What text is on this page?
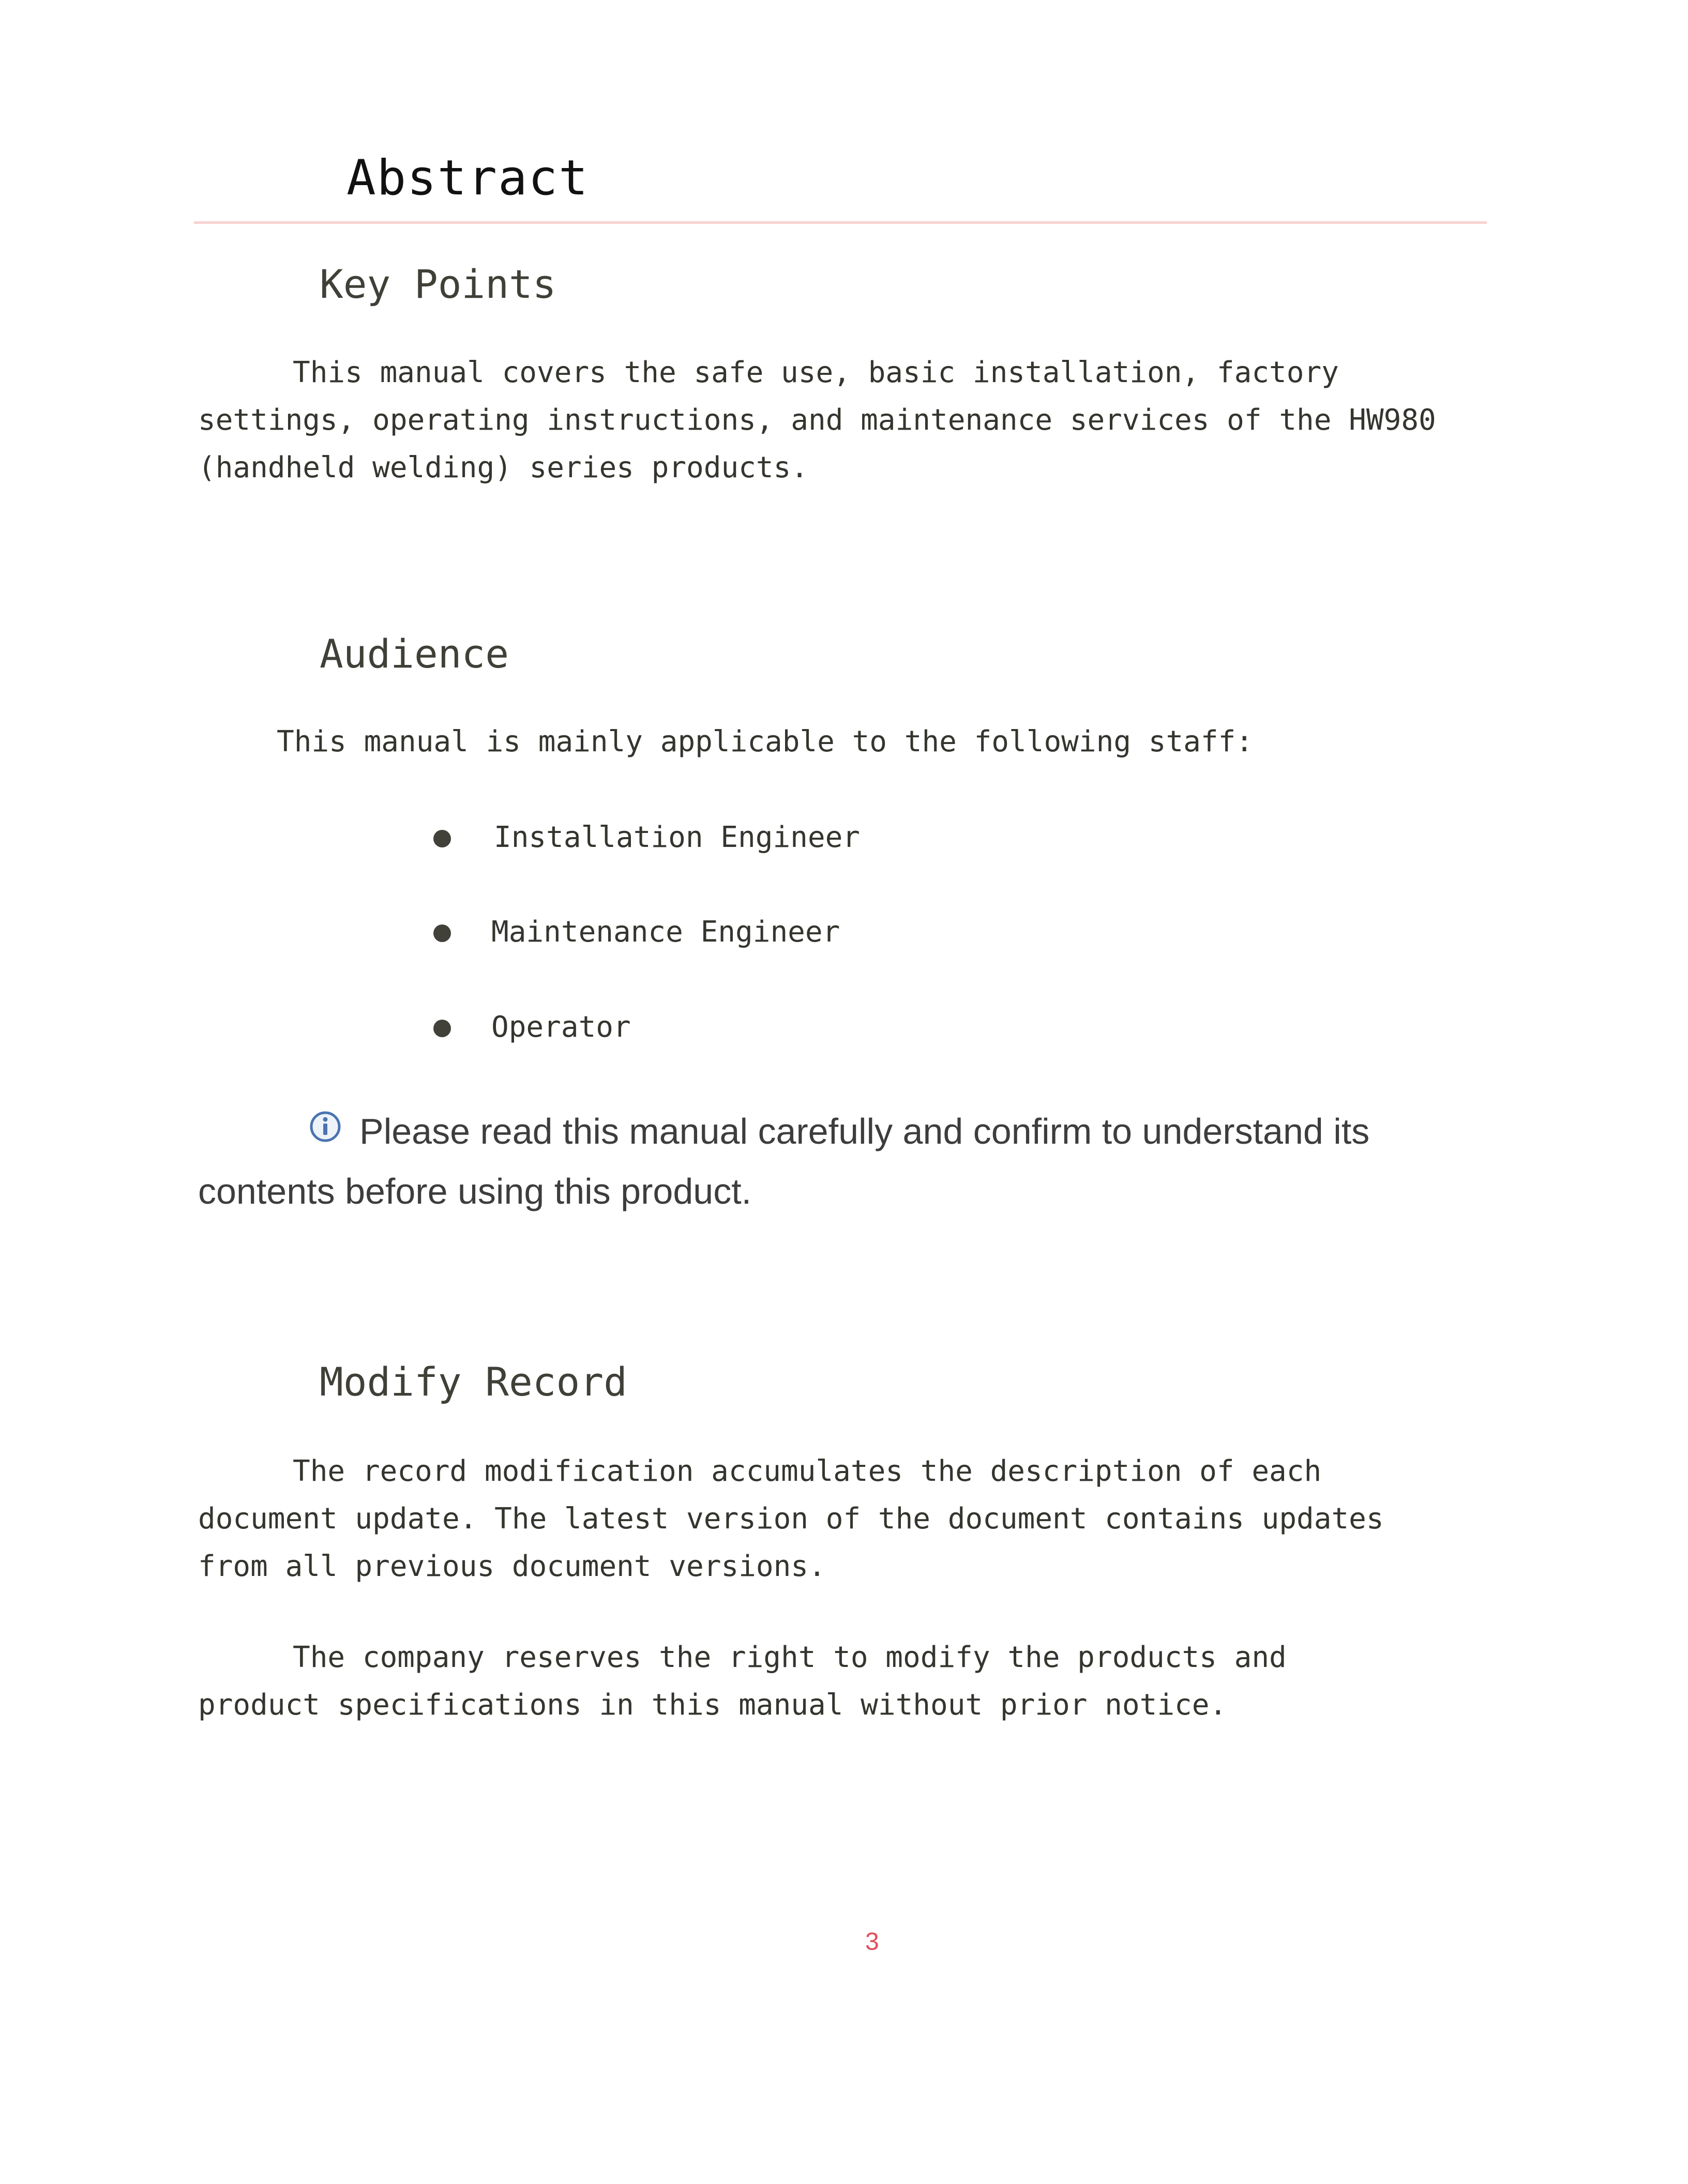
Abstract
Key Points
This manual covers the safe use, basic installation, factory settings, operating instructions, and maintenance services of the HW980 (handheld welding) series products.
Audience
This manual is mainly applicable to the following staff:
Installation Engineer
Maintenance Engineer
Operator
Please read this manual carefully and confirm to understand its contents before using this product.
Modify Record
The record modification accumulates the description of each document update. The latest version of the document contains updates from all previous document versions.
The company reserves the right to modify the products and product specifications in this manual without prior notice.
3
